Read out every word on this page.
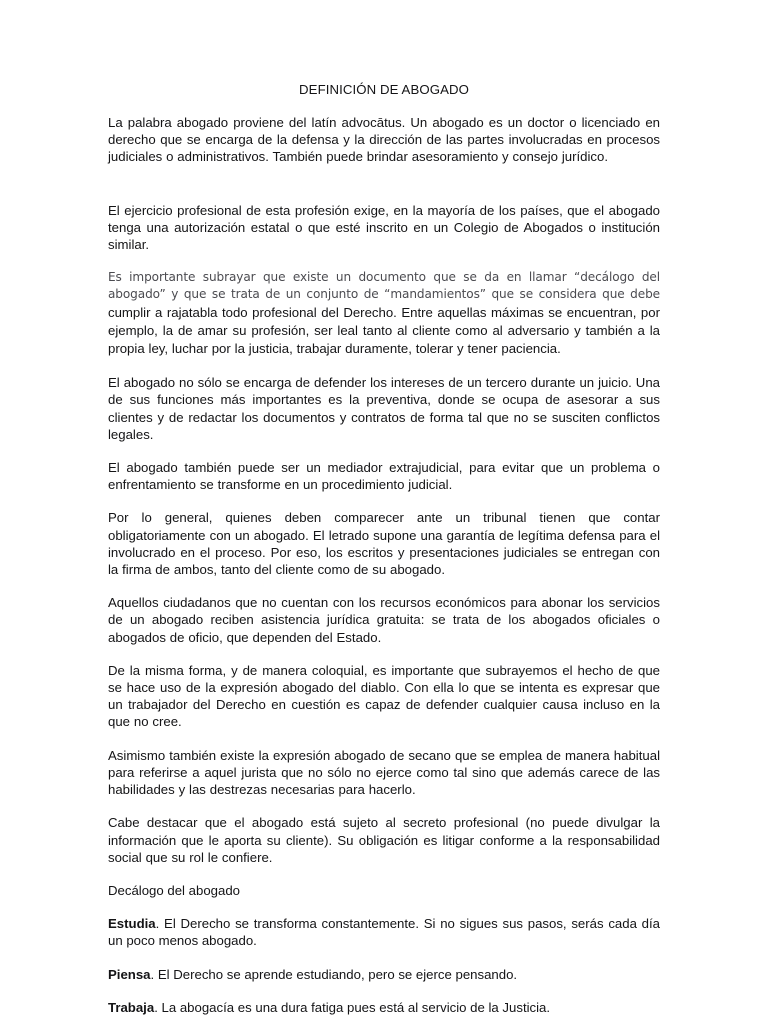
DEFINICIÓN DE ABOGADO

La palabra abogado proviene del latín advocātus. Un abogado es un doctor o licenciado en derecho que se encarga de la defensa y la dirección de las partes involucradas en procesos judiciales o administrativos. También puede brindar asesoramiento y consejo jurídico.

El ejercicio profesional de esta profesión exige, en la mayoría de los países, que el abogado tenga una autorización estatal o que esté inscrito en un Colegio de Abogados o institución similar.

Es importante subrayar que existe un documento que se da en llamar “decálogo del abogado” y que se trata de un conjunto de “mandamientos” que se considera que debe cumplir a rajatabla todo profesional del Derecho. Entre aquellas máximas se encuentran, por ejemplo, la de amar su profesión, ser leal tanto al cliente como al adversario y también a la propia ley, luchar por la justicia, trabajar duramente, tolerar y tener paciencia.

El abogado no sólo se encarga de defender los intereses de un tercero durante un juicio. Una de sus funciones más importantes es la preventiva, donde se ocupa de asesorar a sus clientes y de redactar los documentos y contratos de forma tal que no se susciten conflictos legales.

El abogado también puede ser un mediador extrajudicial, para evitar que un problema o enfrentamiento se transforme en un procedimiento judicial.

Por lo general, quienes deben comparecer ante un tribunal tienen que contar obligatoriamente con un abogado. El letrado supone una garantía de legítima defensa para el involucrado en el proceso. Por eso, los escritos y presentaciones judiciales se entregan con la firma de ambos, tanto del cliente como de su abogado.

Aquellos ciudadanos que no cuentan con los recursos económicos para abonar los servicios de un abogado reciben asistencia jurídica gratuita: se trata de los abogados oficiales o abogados de oficio, que dependen del Estado.

De la misma forma, y de manera coloquial, es importante que subrayemos el hecho de que se hace uso de la expresión abogado del diablo. Con ella lo que se intenta es expresar que un trabajador del Derecho en cuestión es capaz de defender cualquier causa incluso en la que no cree.

Asimismo también existe la expresión abogado de secano que se emplea de manera habitual para referirse a aquel jurista que no sólo no ejerce como tal sino que además carece de las habilidades y las destrezas necesarias para hacerlo.

Cabe destacar que el abogado está sujeto al secreto profesional (no puede divulgar la información que le aporta su cliente). Su obligación es litigar conforme a la responsabilidad social que su rol le confiere.

Decálogo del abogado

Estudia. El Derecho se transforma constantemente. Si no sigues sus pasos, serás cada día un poco menos abogado.

Piensa. El Derecho se aprende estudiando, pero se ejerce pensando.

Trabaja. La abogacía es una dura fatiga pues está al servicio de la Justicia.
